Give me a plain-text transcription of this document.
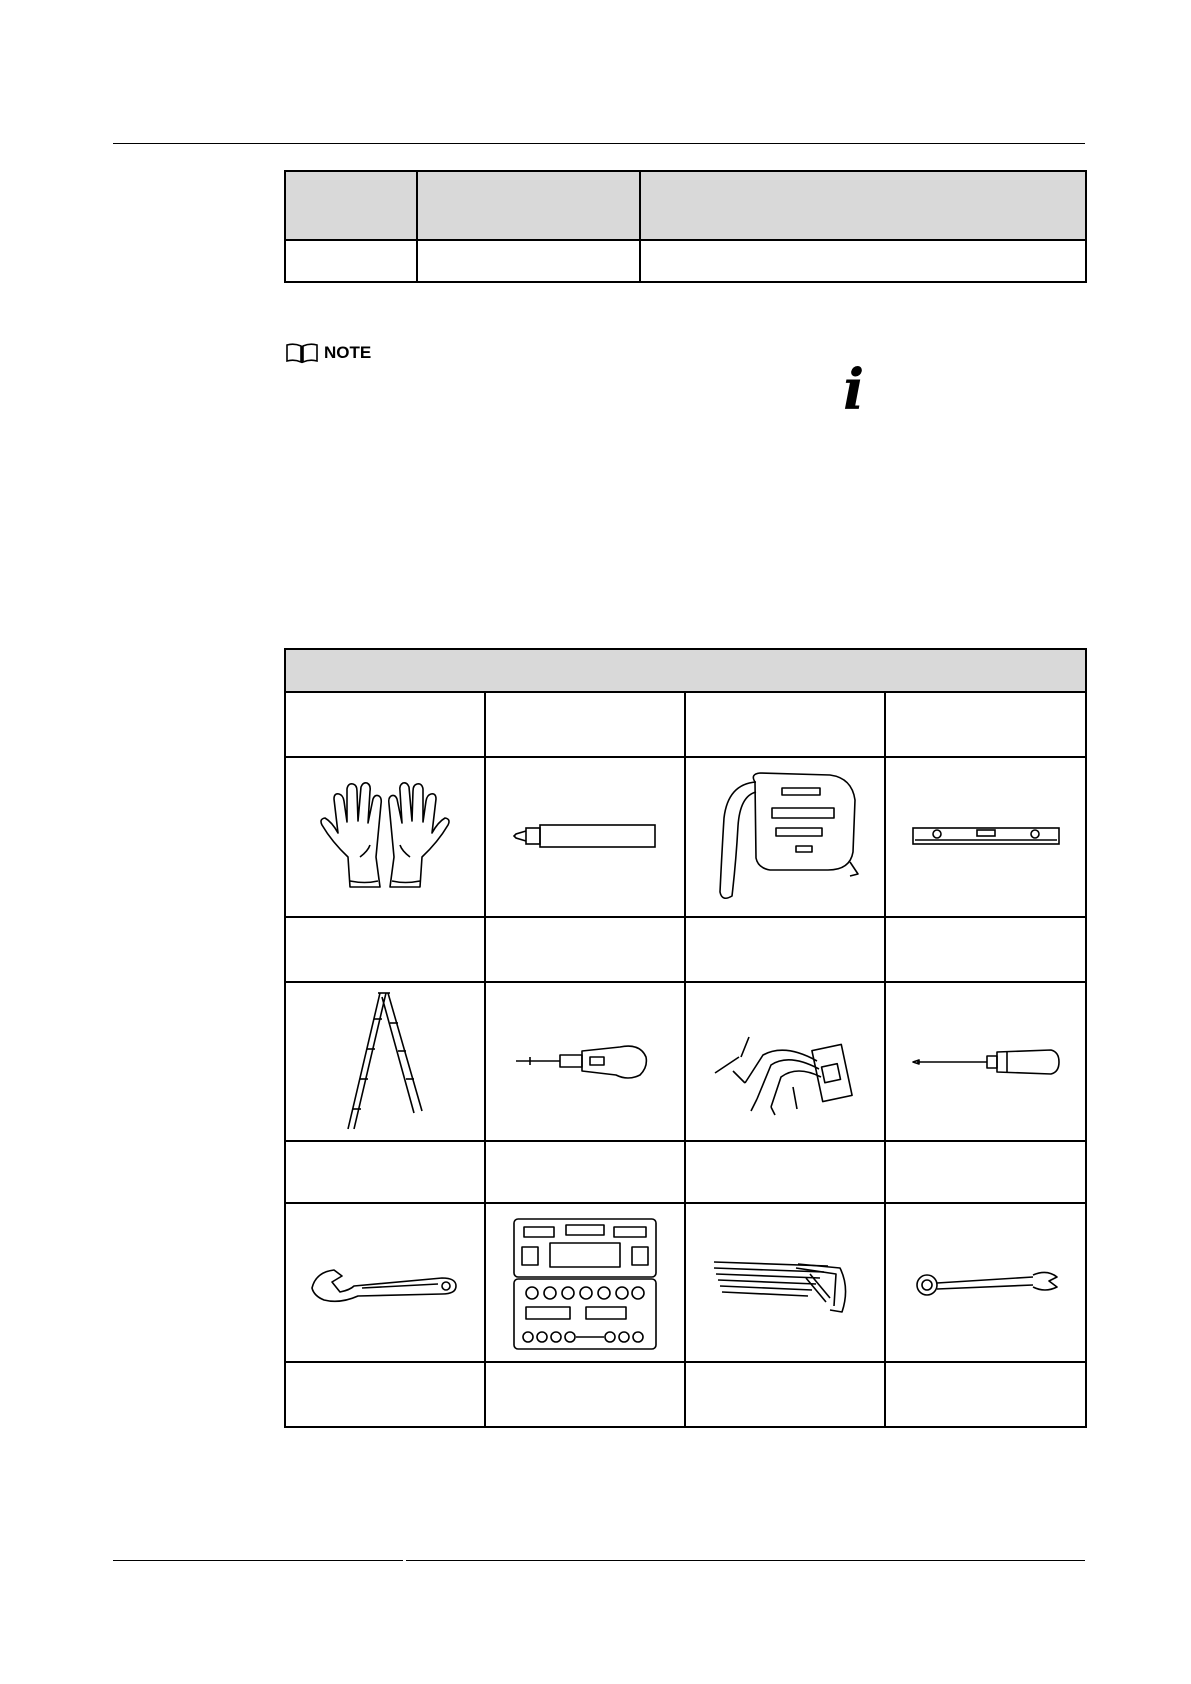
NOTE
i
